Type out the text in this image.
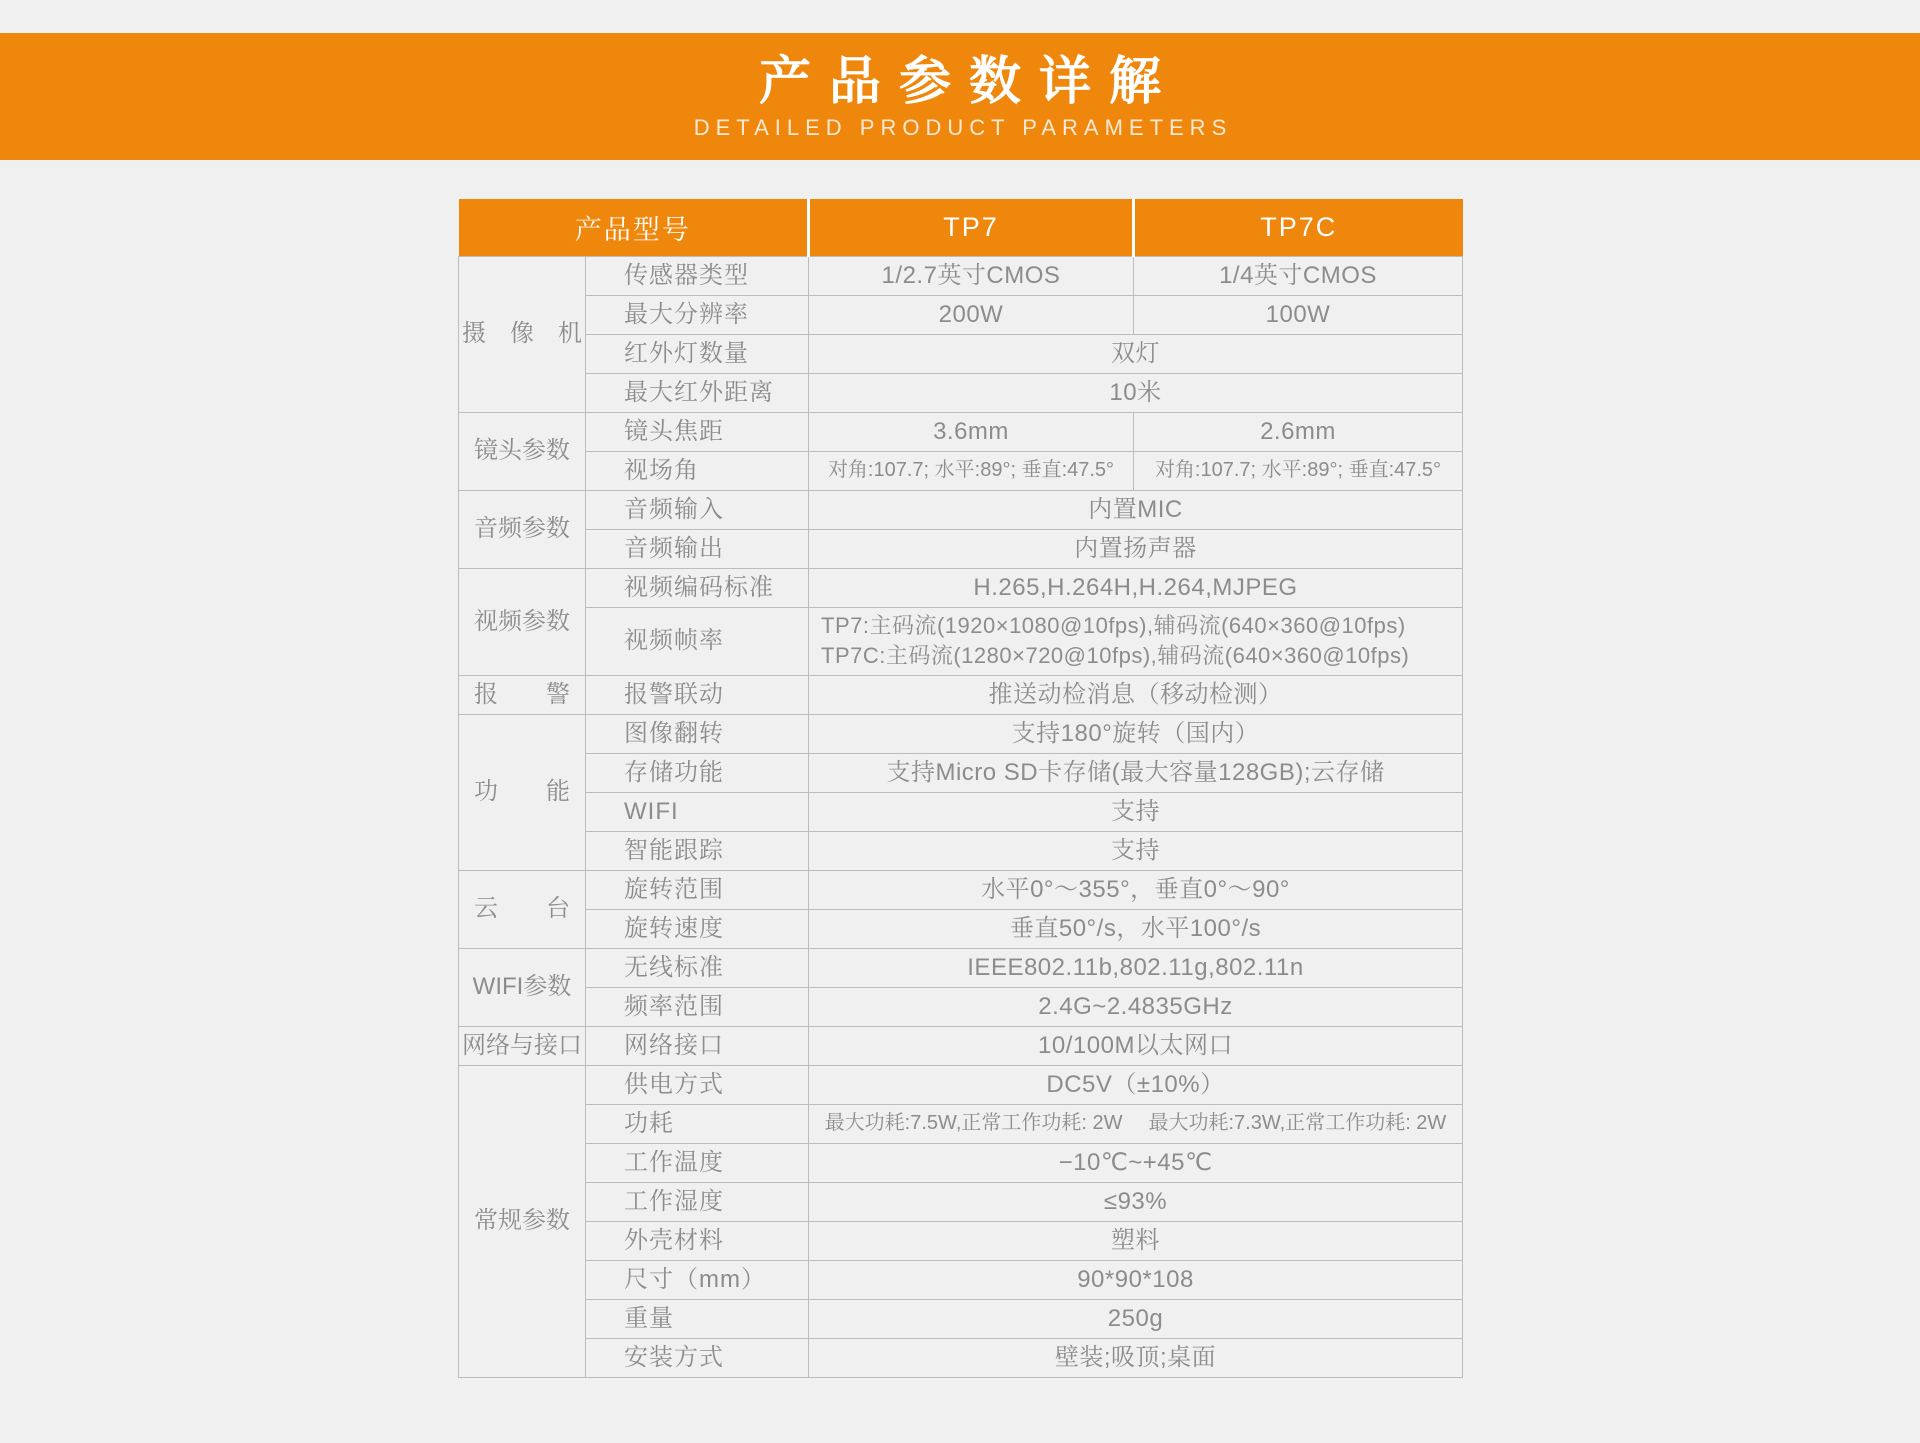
产品参数详解
DETAILED PRODUCT PARAMETERS
产品型号		TP7	TP7C
摄　像　机	传感器类型	1/2.7英寸CMOS	1/4英寸CMOS
	最大分辨率	200W	100W
	红外灯数量	双灯	
	最大红外距离	10米	
镜头参数	镜头焦距	3.6mm	2.6mm
	视场角	对角:107.7; 水平:89°; 垂直:47.5°	对角:107.7; 水平:89°; 垂直:47.5°
音频参数	音频输入	内置MIC	
	音频输出	内置扬声器	
视频参数	视频编码标准	H.265,H.264H,H.264,MJPEG	
	视频帧率	TP7:主码流(1920×1080@10fps),辅码流(640×360@10fps)
TP7C:主码流(1280×720@10fps),辅码流(640×360@10fps)	

报　　警	报警联动	推送动检消息（移动检测）	
功　　能	图像翻转	支持180°旋转（国内）	
	存储功能	支持Micro SD卡存储(最大容量128GB);云存储	
	WIFI	支持	
	智能跟踪	支持	
云　　台	旋转范围	水平0°～355°，垂直0°～90°	
	旋转速度	垂直50°/s，水平100°/s	
WIFI参数	无线标准	IEEE802.11b,802.11g,802.11n	
	频率范围	2.4G~2.4835GHz	
网络与接口	网络接口	10/100M以太网口	
常规参数	供电方式	DC5V（±10%）	
	功耗	最大功耗:7.5W,正常工作功耗: 2W 最大功耗:7.3W,正常工作功耗: 2W	
	工作温度	−10℃~+45℃	
	工作湿度	≤93%	
	外壳材料	塑料	
	尺寸（mm）	90*90*108	
	重量	250g	
	安装方式	壁装;吸顶;桌面	
